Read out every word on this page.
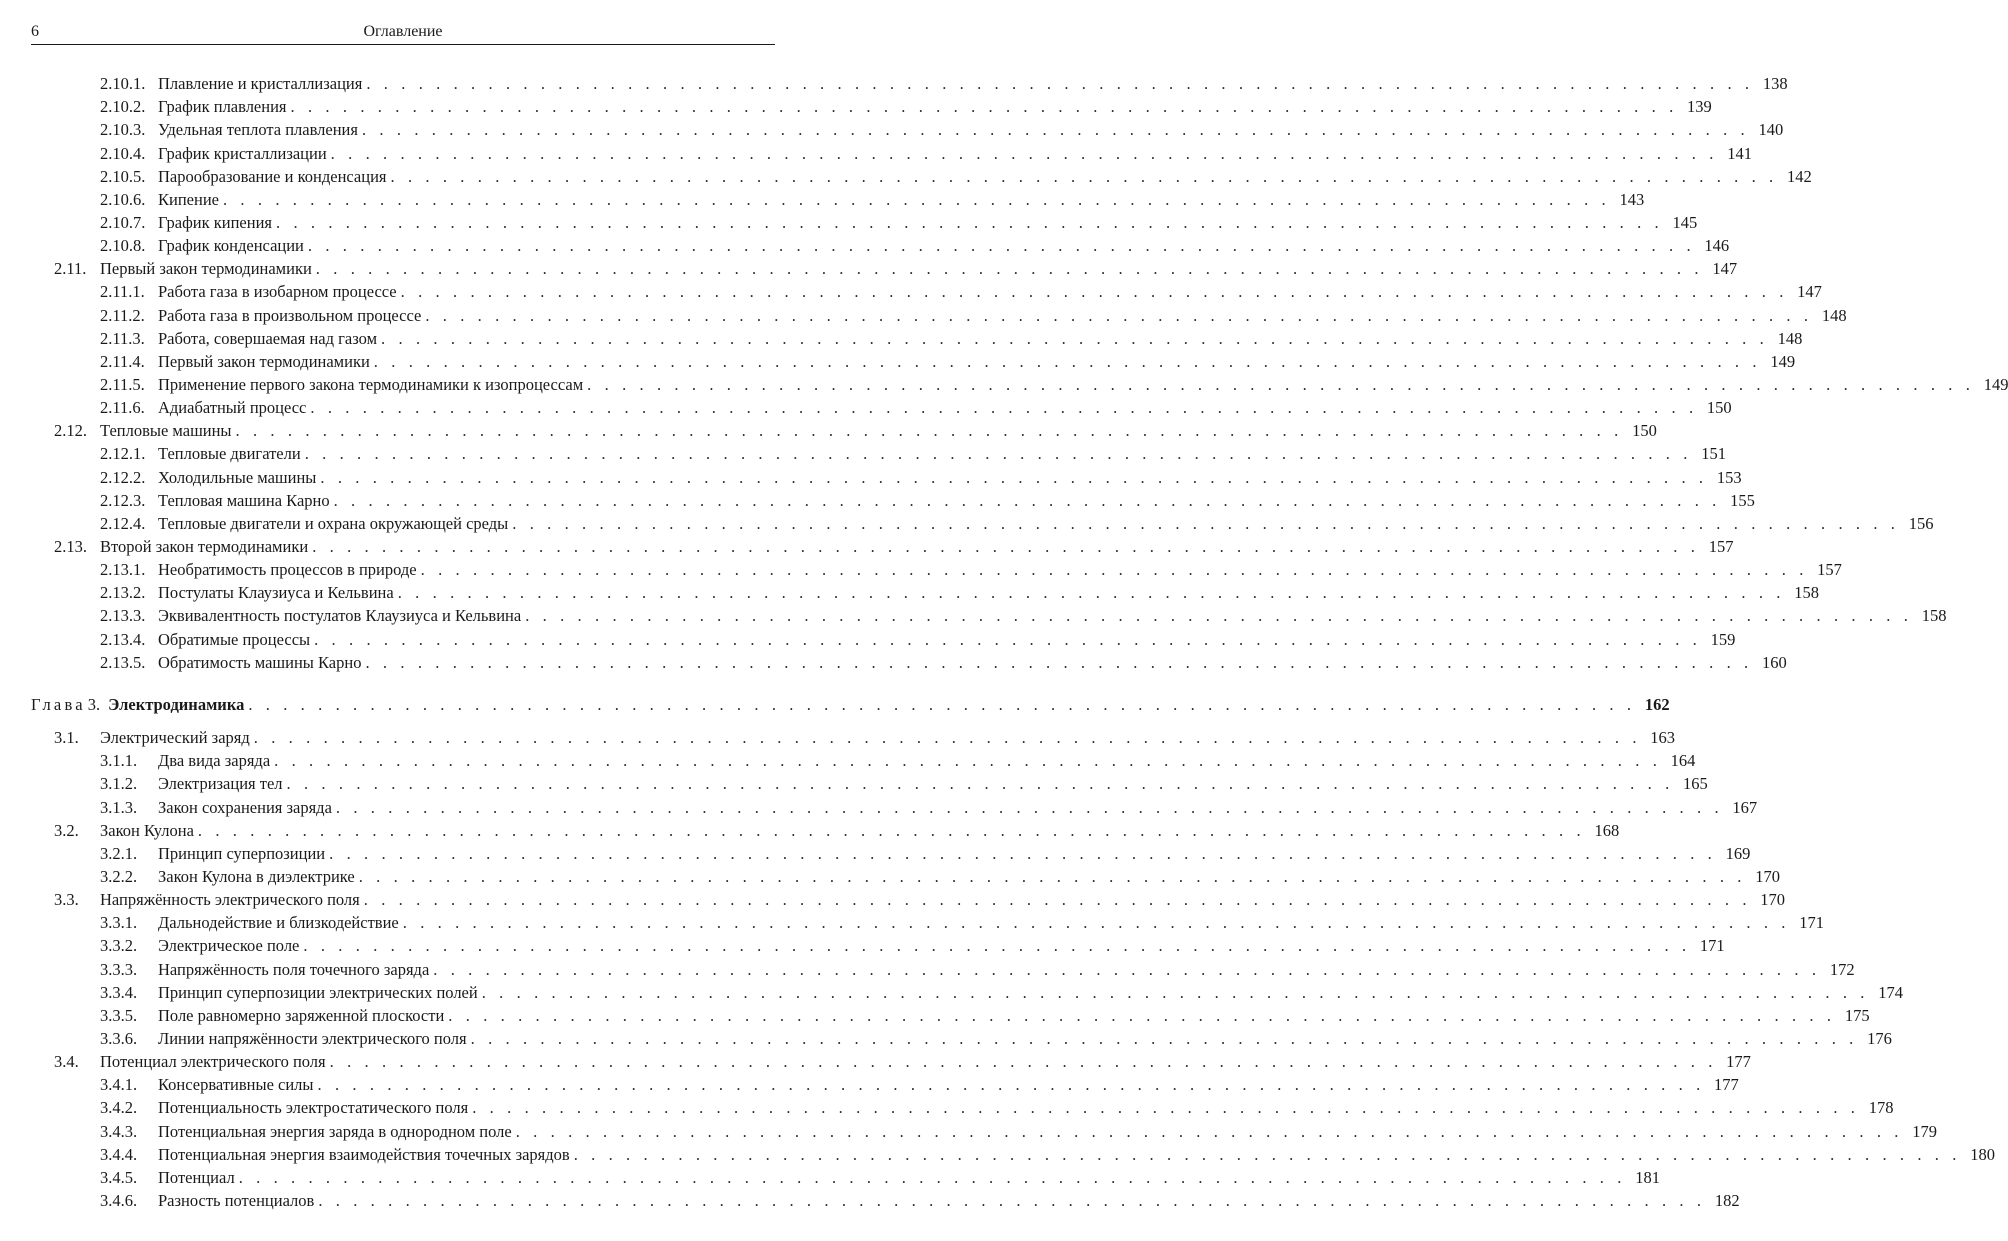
6	Оглавление
2.10.1. Плавление и кристаллизация . . . . . . . . . . . . . . . . . . . . . . . . . . . . . . . . . . . . . . . . . . . . . . . . . . . . . . . . . . . . . . . . . . . . . . . . . . . . . . . . 138
2.10.2. График плавления . . . . . . . . . . . . . . . . . . . . . . . . . . . . . . . . . . . . . . . . . . . . . . . . . . . . . . . . . . . . . . . . . . . . . . . . . . . . . . . . 139
2.10.3. Удельная теплота плавления . . . . . . . . . . . . . . . . . . . . . . . . . . . . . . . . . . . . . . . . . . . . . . . . . . . . . . . . . . . . . . . . . . . . . . . . . . . . . . . . 140
2.10.4. График кристаллизации . . . . . . . . . . . . . . . . . . . . . . . . . . . . . . . . . . . . . . . . . . . . . . . . . . . . . . . . . . . . . . . . . . . . . . . . . . . . . . . . 141
2.10.5. Парообразование и конденсация . . . . . . . . . . . . . . . . . . . . . . . . . . . . . . . . . . . . . . . . . . . . . . . . . . . . . . . . . . . . . . . . . . . . . . . . . . . . . . . . 142
2.10.6. Кипение . . . . . . . . . . . . . . . . . . . . . . . . . . . . . . . . . . . . . . . . . . . . . . . . . . . . . . . . . . . . . . . . . . . . . . . . . . . . . . . . 143
2.10.7. График кипения . . . . . . . . . . . . . . . . . . . . . . . . . . . . . . . . . . . . . . . . . . . . . . . . . . . . . . . . . . . . . . . . . . . . . . . . . . . . . . . . 145
2.10.8. График конденсации . . . . . . . . . . . . . . . . . . . . . . . . . . . . . . . . . . . . . . . . . . . . . . . . . . . . . . . . . . . . . . . . . . . . . . . . . . . . . . . . 146
2.11. Первый закон термодинамики . . . . . . . . . . . . . . . . . . . . . . . . . . . . . . . . . . . . . . . . . . . . . . . . . . . . . . . . . . . . . . . . . . . . . . . . . . . . . . . . 147
2.11.1. Работа газа в изобарном процессе . . . . . . . . . . . . . . . . . . . . . . . . . . . . . . . . . . . . . . . . . . . . . . . . . . . . . . . . . . . . . . . . . . . . . . . . . . . . . . . . 147
2.11.2. Работа газа в произвольном процессе . . . . . . . . . . . . . . . . . . . . . . . . . . . . . . . . . . . . . . . . . . . . . . . . . . . . . . . . . . . . . . . . . . . . . . . . . . . . . . . . 148
2.11.3. Работа, совершаемая над газом . . . . . . . . . . . . . . . . . . . . . . . . . . . . . . . . . . . . . . . . . . . . . . . . . . . . . . . . . . . . . . . . . . . . . . . . . . . . . . . . 148
2.11.4. Первый закон термодинамики . . . . . . . . . . . . . . . . . . . . . . . . . . . . . . . . . . . . . . . . . . . . . . . . . . . . . . . . . . . . . . . . . . . . . . . . . . . . . . . . 149
2.11.5. Применение первого закона термодинамики к изопроцессам . . . . . . . . . . . . . . . . . . . . . . . . . . . . . . . . . . . . . . . . . . . . . . . . . . . . . . . . . . . . . . . . . . . . . . . . . . . . . . . . 149
2.11.6. Адиабатный процесс . . . . . . . . . . . . . . . . . . . . . . . . . . . . . . . . . . . . . . . . . . . . . . . . . . . . . . . . . . . . . . . . . . . . . . . . . . . . . . . . 150
2.12. Тепловые машины . . . . . . . . . . . . . . . . . . . . . . . . . . . . . . . . . . . . . . . . . . . . . . . . . . . . . . . . . . . . . . . . . . . . . . . . . . . . . . . . 150
2.12.1. Тепловые двигатели . . . . . . . . . . . . . . . . . . . . . . . . . . . . . . . . . . . . . . . . . . . . . . . . . . . . . . . . . . . . . . . . . . . . . . . . . . . . . . . . 151
2.12.2. Холодильные машины . . . . . . . . . . . . . . . . . . . . . . . . . . . . . . . . . . . . . . . . . . . . . . . . . . . . . . . . . . . . . . . . . . . . . . . . . . . . . . . . 153
2.12.3. Тепловая машина Карно . . . . . . . . . . . . . . . . . . . . . . . . . . . . . . . . . . . . . . . . . . . . . . . . . . . . . . . . . . . . . . . . . . . . . . . . . . . . . . . . 155
2.12.4. Тепловые двигатели и охрана окружающей среды . . . . . . . . . . . . . . . . . . . . . . . . . . . . . . . . . . . . . . . . . . . . . . . . . . . . . . . . . . . . . . . . . . . . . . . . . . . . . . . . 156
2.13. Второй закон термодинамики . . . . . . . . . . . . . . . . . . . . . . . . . . . . . . . . . . . . . . . . . . . . . . . . . . . . . . . . . . . . . . . . . . . . . . . . . . . . . . . . 157
2.13.1. Необратимость процессов в природе . . . . . . . . . . . . . . . . . . . . . . . . . . . . . . . . . . . . . . . . . . . . . . . . . . . . . . . . . . . . . . . . . . . . . . . . . . . . . . . . 157
2.13.2. Постулаты Клаузиуса и Кельвина . . . . . . . . . . . . . . . . . . . . . . . . . . . . . . . . . . . . . . . . . . . . . . . . . . . . . . . . . . . . . . . . . . . . . . . . . . . . . . . . 158
2.13.3. Эквивалентность постулатов Клаузиуса и Кельвина . . . . . . . . . . . . . . . . . . . . . . . . . . . . . . . . . . . . . . . . . . . . . . . . . . . . . . . . . . . . . . . . . . . . . . . . . . . . . . . . 158
2.13.4. Обратимые процессы . . . . . . . . . . . . . . . . . . . . . . . . . . . . . . . . . . . . . . . . . . . . . . . . . . . . . . . . . . . . . . . . . . . . . . . . . . . . . . . . 159
2.13.5. Обратимость машины Карно . . . . . . . . . . . . . . . . . . . . . . . . . . . . . . . . . . . . . . . . . . . . . . . . . . . . . . . . . . . . . . . . . . . . . . . . . . . . . . . . 160
Глава 3. Электродинамика . . . . . . . . . . . . . . . . . . . . . . . . . . . . . . . . . . . . . . . . . . . . . . . . . . . . . . . . . . . . . . . . . . . . . . . . . . . . . . . . 162
3.1. Электрический заряд . . . . . . . . . . . . . . . . . . . . . . . . . . . . . . . . . . . . . . . . . . . . . . . . . . . . . . . . . . . . . . . . . . . . . . . . . . . . . . . . 163
3.1.1. Два вида заряда . . . . . . . . . . . . . . . . . . . . . . . . . . . . . . . . . . . . . . . . . . . . . . . . . . . . . . . . . . . . . . . . . . . . . . . . . . . . . . . . 164
3.1.2. Электризация тел . . . . . . . . . . . . . . . . . . . . . . . . . . . . . . . . . . . . . . . . . . . . . . . . . . . . . . . . . . . . . . . . . . . . . . . . . . . . . . . . 165
3.1.3. Закон сохранения заряда . . . . . . . . . . . . . . . . . . . . . . . . . . . . . . . . . . . . . . . . . . . . . . . . . . . . . . . . . . . . . . . . . . . . . . . . . . . . . . . . 167
3.2. Закон Кулона . . . . . . . . . . . . . . . . . . . . . . . . . . . . . . . . . . . . . . . . . . . . . . . . . . . . . . . . . . . . . . . . . . . . . . . . . . . . . . . . 168
3.2.1. Принцип суперпозиции . . . . . . . . . . . . . . . . . . . . . . . . . . . . . . . . . . . . . . . . . . . . . . . . . . . . . . . . . . . . . . . . . . . . . . . . . . . . . . . . 169
3.2.2. Закон Кулона в диэлектрике . . . . . . . . . . . . . . . . . . . . . . . . . . . . . . . . . . . . . . . . . . . . . . . . . . . . . . . . . . . . . . . . . . . . . . . . . . . . . . . . 170
3.3. Напряжённость электрического поля . . . . . . . . . . . . . . . . . . . . . . . . . . . . . . . . . . . . . . . . . . . . . . . . . . . . . . . . . . . . . . . . . . . . . . . . . . . . . . . . 170
3.3.1. Дальнодействие и близкодействие . . . . . . . . . . . . . . . . . . . . . . . . . . . . . . . . . . . . . . . . . . . . . . . . . . . . . . . . . . . . . . . . . . . . . . . . . . . . . . . . 171
3.3.2. Электрическое поле . . . . . . . . . . . . . . . . . . . . . . . . . . . . . . . . . . . . . . . . . . . . . . . . . . . . . . . . . . . . . . . . . . . . . . . . . . . . . . . . 171
3.3.3. Напряжённость поля точечного заряда . . . . . . . . . . . . . . . . . . . . . . . . . . . . . . . . . . . . . . . . . . . . . . . . . . . . . . . . . . . . . . . . . . . . . . . . . . . . . . . . 172
3.3.4. Принцип суперпозиции электрических полей . . . . . . . . . . . . . . . . . . . . . . . . . . . . . . . . . . . . . . . . . . . . . . . . . . . . . . . . . . . . . . . . . . . . . . . . . . . . . . . . 174
3.3.5. Поле равномерно заряженной плоскости . . . . . . . . . . . . . . . . . . . . . . . . . . . . . . . . . . . . . . . . . . . . . . . . . . . . . . . . . . . . . . . . . . . . . . . . . . . . . . . . 175
3.3.6. Линии напряжённости электрического поля . . . . . . . . . . . . . . . . . . . . . . . . . . . . . . . . . . . . . . . . . . . . . . . . . . . . . . . . . . . . . . . . . . . . . . . . . . . . . . . . 176
3.4. Потенциал электрического поля . . . . . . . . . . . . . . . . . . . . . . . . . . . . . . . . . . . . . . . . . . . . . . . . . . . . . . . . . . . . . . . . . . . . . . . . . . . . . . . . 177
3.4.1. Консервативные силы . . . . . . . . . . . . . . . . . . . . . . . . . . . . . . . . . . . . . . . . . . . . . . . . . . . . . . . . . . . . . . . . . . . . . . . . . . . . . . . . 177
3.4.2. Потенциальность электростатического поля . . . . . . . . . . . . . . . . . . . . . . . . . . . . . . . . . . . . . . . . . . . . . . . . . . . . . . . . . . . . . . . . . . . . . . . . . . . . . . . . 178
3.4.3. Потенциальная энергия заряда в однородном поле . . . . . . . . . . . . . . . . . . . . . . . . . . . . . . . . . . . . . . . . . . . . . . . . . . . . . . . . . . . . . . . . . . . . . . . . . . . . . . . . 179
3.4.4. Потенциальная энергия взаимодействия точечных зарядов . . . . . . . . . . . . . . . . . . . . . . . . . . . . . . . . . . . . . . . . . . . . . . . . . . . . . . . . . . . . . . . . . . . . . . . . . . . . . . . . 180
3.4.5. Потенциал . . . . . . . . . . . . . . . . . . . . . . . . . . . . . . . . . . . . . . . . . . . . . . . . . . . . . . . . . . . . . . . . . . . . . . . . . . . . . . . . 181
3.4.6. Разность потенциалов . . . . . . . . . . . . . . . . . . . . . . . . . . . . . . . . . . . . . . . . . . . . . . . . . . . . . . . . . . . . . . . . . . . . . . . . . . . . . . . . 182
